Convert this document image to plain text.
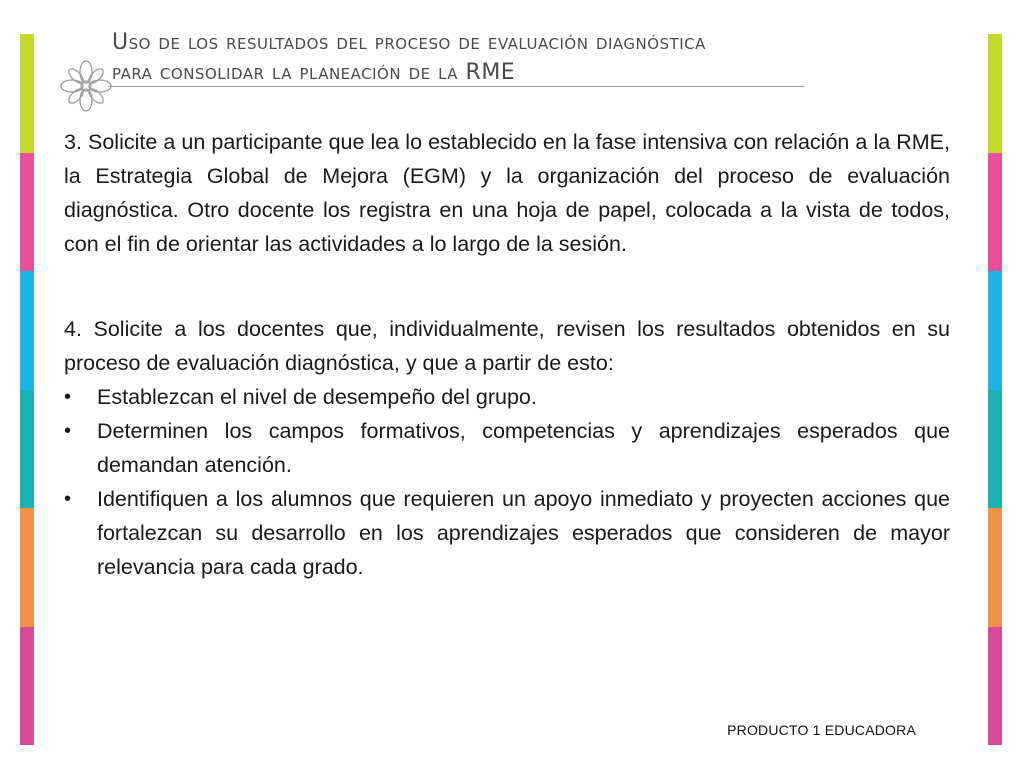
Uso de los resultados del proceso de evaluación diagnóstica
para consolidar la planeación de la RME

3. Solicite a un participante que lea lo establecido en la fase intensiva con relación a la RME, la Estrategia Global de Mejora (EGM) y la organización del proceso de evaluación diagnóstica. Otro docente los registra en una hoja de papel, colocada a la vista de todos, con el fin de orientar las actividades a lo largo de la sesión.

4. Solicite a los docentes que, individualmente, revisen los resultados obtenidos en su proceso de evaluación diagnóstica, y que a partir de esto:

• Establezcan el nivel de desempeño del grupo.
• Determinen los campos formativos, competencias y aprendizajes esperados que demandan atención.
• Identifiquen a los alumnos que requieren un apoyo inmediato y proyecten acciones que fortalezcan su desarrollo en los aprendizajes esperados que consideren de mayor relevancia para cada grado.
PRODUCTO 1 EDUCADORA
